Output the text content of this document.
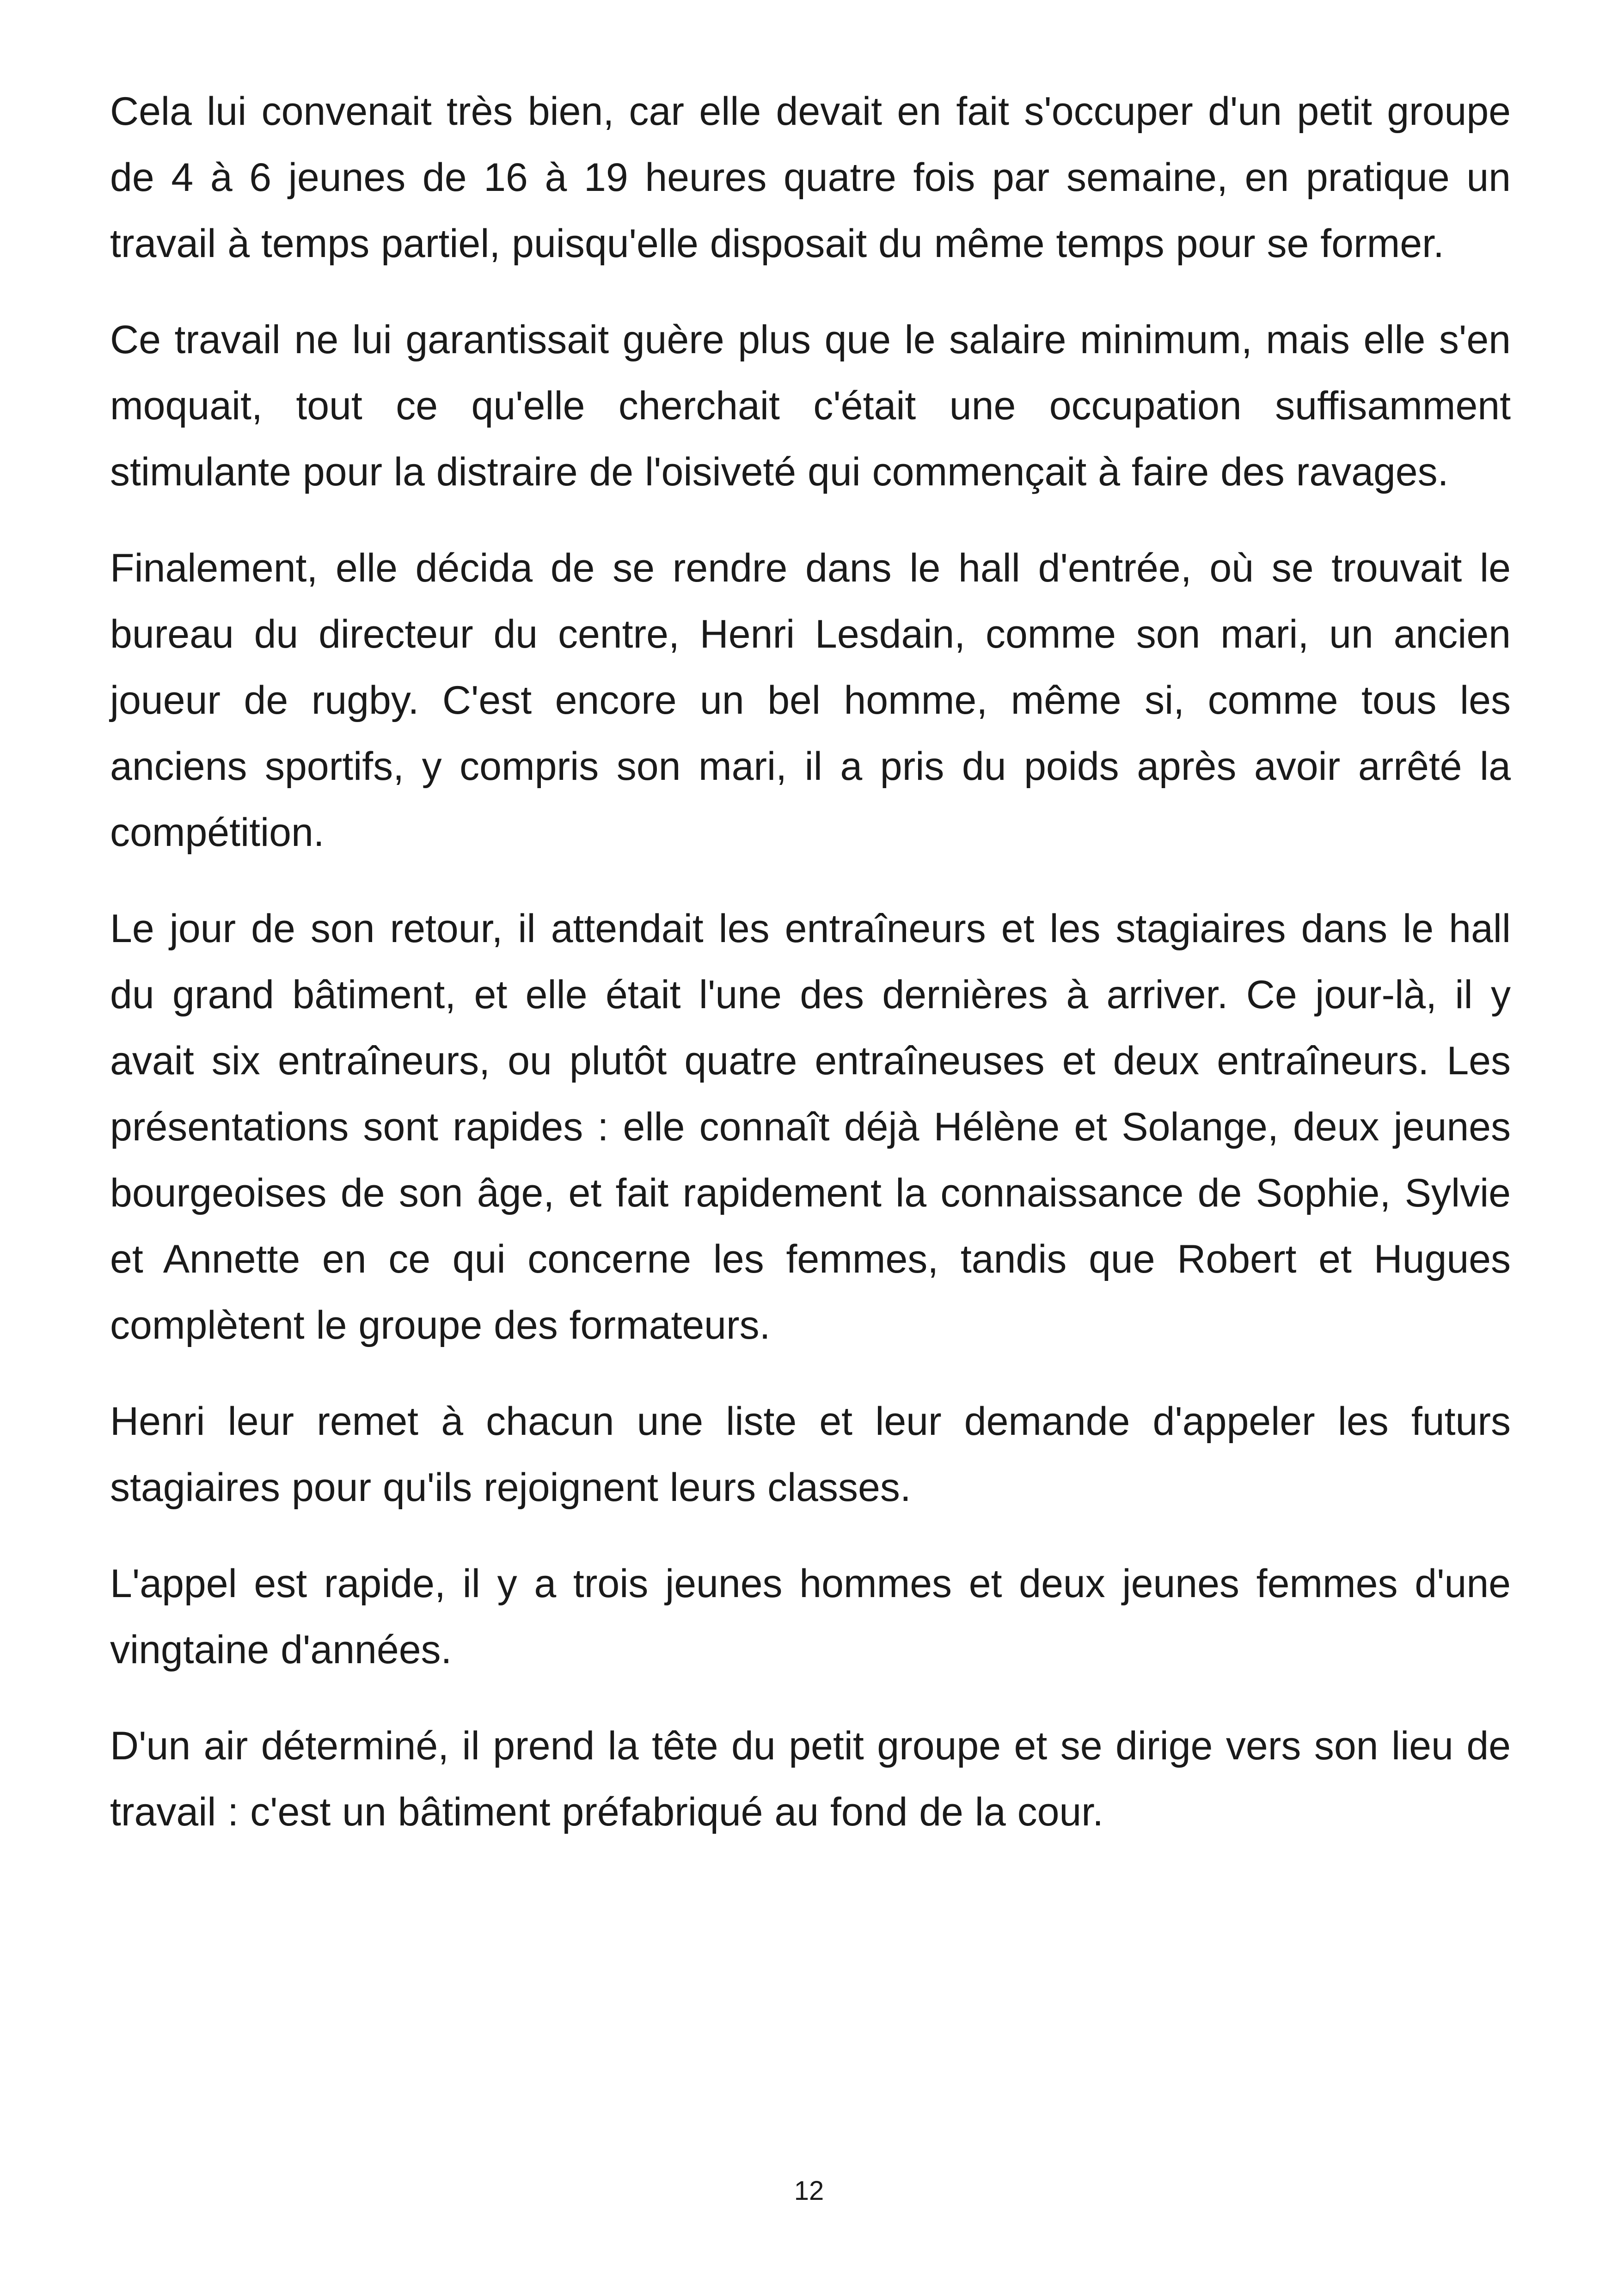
Cela lui convenait très bien, car elle devait en fait s'occuper d'un petit groupe de 4 à 6 jeunes de 16 à 19 heures quatre fois par semaine, en pratique un travail à temps partiel, puisqu'elle disposait du même temps pour se former.

Ce travail ne lui garantissait guère plus que le salaire minimum, mais elle s'en moquait, tout ce qu'elle cherchait c'était une occupation suffisamment stimulante pour la distraire de l'oisiveté qui commençait à faire des ravages.

Finalement, elle décida de se rendre dans le hall d'entrée, où se trouvait le bureau du directeur du centre, Henri Lesdain, comme son mari, un ancien joueur de rugby. C'est encore un bel homme, même si, comme tous les anciens sportifs, y compris son mari, il a pris du poids après avoir arrêté la compétition.

Le jour de son retour, il attendait les entraîneurs et les stagiaires dans le hall du grand bâtiment, et elle était l'une des dernières à arriver. Ce jour-là, il y avait six entraîneurs, ou plutôt quatre entraîneuses et deux entraîneurs. Les présentations sont rapides : elle connaît déjà Hélène et Solange, deux jeunes bourgeoises de son âge, et fait rapidement la connaissance de Sophie, Sylvie et Annette en ce qui concerne les femmes, tandis que Robert et Hugues complètent le groupe des formateurs.

Henri leur remet à chacun une liste et leur demande d'appeler les futurs stagiaires pour qu'ils rejoignent leurs classes.

L'appel est rapide, il y a trois jeunes hommes et deux jeunes femmes d'une vingtaine d'années.

D'un air déterminé, il prend la tête du petit groupe et se dirige vers son lieu de travail : c'est un bâtiment préfabriqué au fond de la cour.

12
